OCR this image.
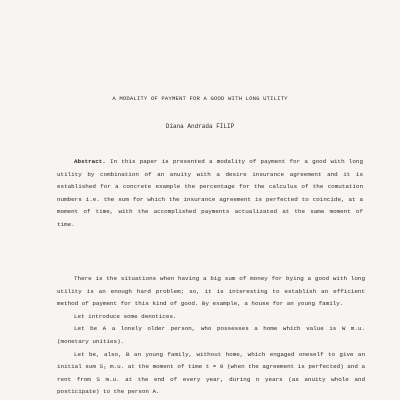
A MODALITY OF PAYMENT FOR A GOOD WITH LONG UTILITY
Diana Andrada FILIP
Abstract. In this paper is presented a modality of payment for a good with long utility by combination of an anuity with a desire insurance agreement and it is established for a concrete example the percentage for the calculus of the comutation numbers i.e. the sum for which the insurance agreement is perfected to coincide, at a moment of time, with the accomplished payments actualizated at the same moment of time.

There is the situations when having a big sum of money for bying a good with long utility is an enough hard problem; so, it is interesting to establish an efficient method of payment for this kind of good. By example, a house for an young family.

Let introduce some denotices.

Let be A a lonely older person, who possesses a home which value is W m.u. (monetary unities).

Let be, also, B an young family, without home, which engaged oneself to give an initial sum S₁ m.u. at the moment of time t = 0 (when the agreement is perfected) and a rent from S m.u. at the end of every year, during n years (as anuity whole and posticipate) to the person A.
